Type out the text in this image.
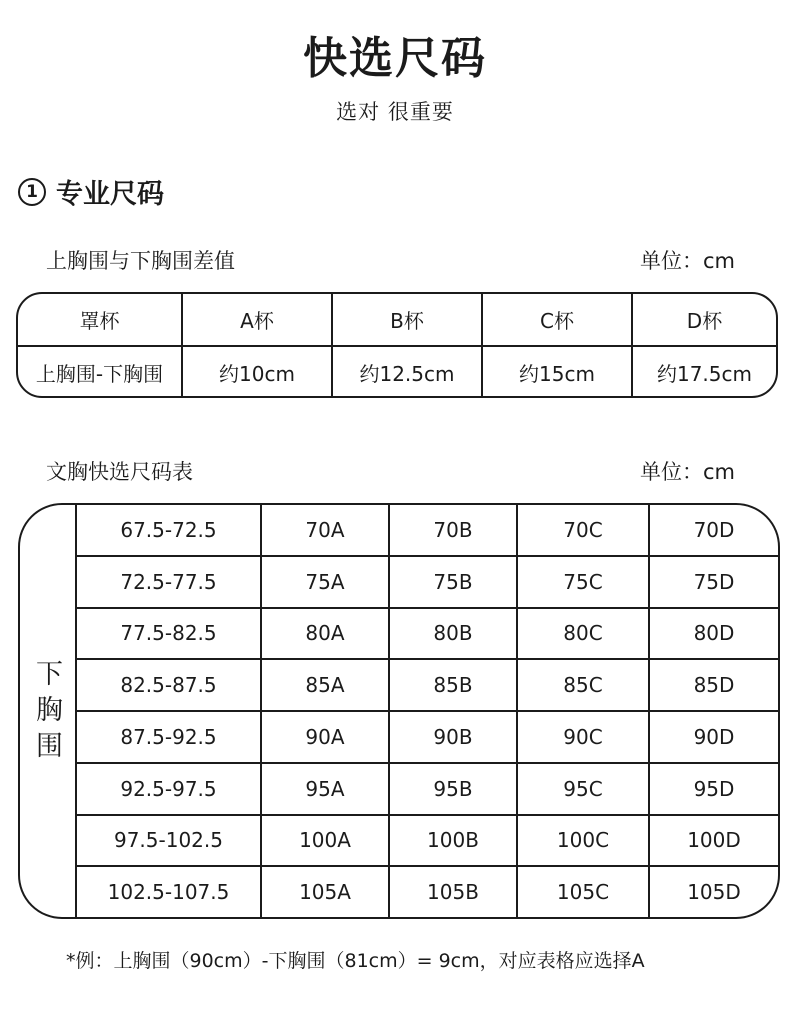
快选尺码
选对 很重要
1 专业尺码
上胸围与下胸围差值	单位：cm
罩杯	A杯	B杯	C杯	D杯
上胸围-下胸围	约10cm	约12.5cm	约15cm	约17.5cm
文胸快选尺码表	单位：cm
下
胸
围
67.5-72.5	70A	70B	70C	70D
72.5-77.5	75A	75B	75C	75D
77.5-82.5	80A	80B	80C	80D
82.5-87.5	85A	85B	85C	85D
87.5-92.5	90A	90B	90C	90D
92.5-97.5	95A	95B	95C	95D
97.5-102.5	100A	100B	100C	100D
102.5-107.5	105A	105B	105C	105D
*例：上胸围（90cm）-下胸围（81cm）= 9cm，对应表格应选择A
